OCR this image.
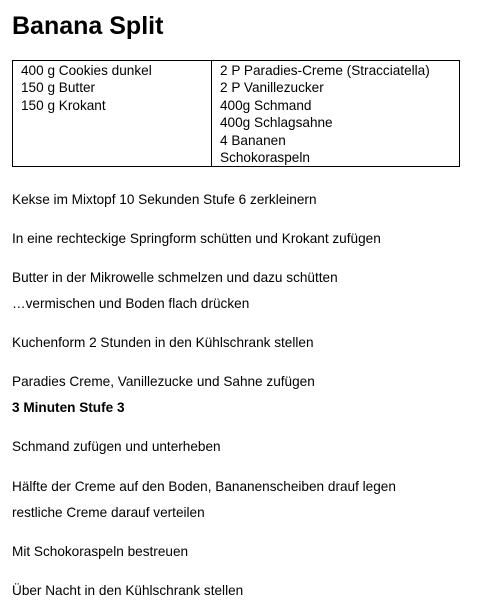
Banana Split
400 g Cookies dunkel
150 g Butter
150 g Krokant

2 P Paradies-Creme (Stracciatella)
2 P Vanillezucker
400g Schmand
400g Schlagsahne
4 Bananen
Schokoraspeln

Kekse im Mixtopf 10 Sekunden Stufe 6 zerkleinern

In eine rechteckige Springform schütten und Krokant zufügen

Butter in der Mikrowelle schmelzen und dazu schütten

…vermischen und Boden flach drücken

Kuchenform 2 Stunden in den Kühlschrank stellen

Paradies Creme, Vanillezucke und Sahne zufügen

3 Minuten Stufe 3

Schmand zufügen und unterheben

Hälfte der Creme auf den Boden, Bananenscheiben drauf legen

restliche Creme darauf verteilen

Mit Schokoraspeln bestreuen

Über Nacht in den Kühlschrank stellen
